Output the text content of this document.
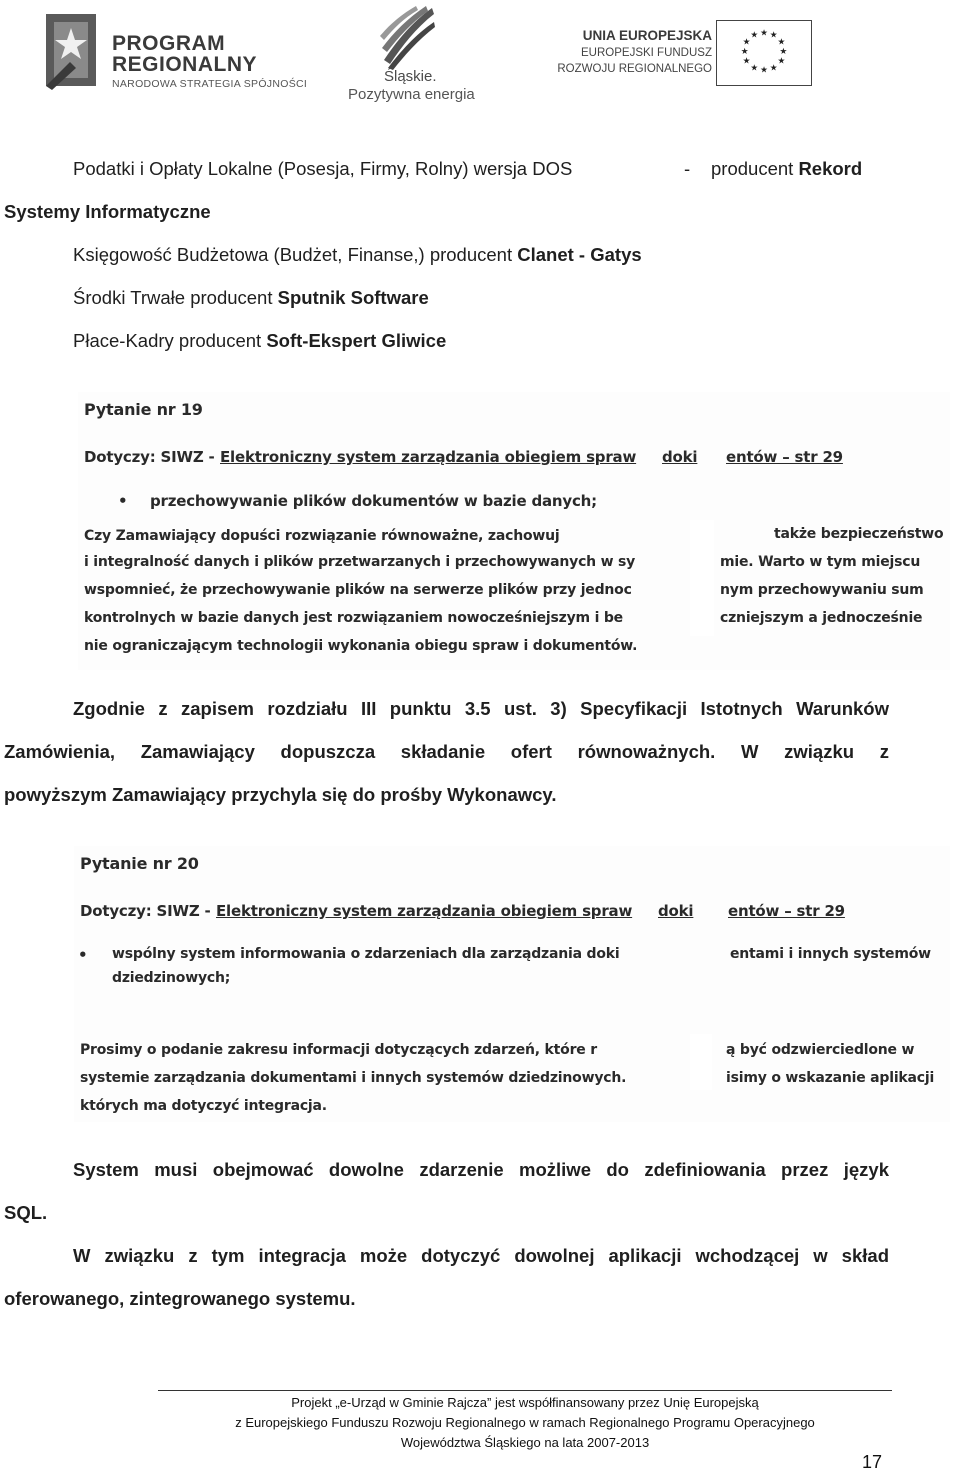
PROGRAM
REGIONALNY
NARODOWA STRATEGIA SPÓJNOŚCI	Śląskie.
Pozytywna energia
UNIA EUROPEJSKA
EUROPEJSKI FUNDUSZ
ROZWOJU REGIONALNEGO
★ ★
★
★
★
★
★
★
★
★
★
★
Podatki i Opłaty Lokalne (Posesja, Firmy, Rolny) wersja DOS	- producent Rekord
Systemy Informatyczne
Księgowość Budżetowa (Budżet, Finanse,) producent Clanet - Gatys
Środki Trwałe producent Sputnik Software
Płace-Kadry producent Soft-Ekspert Gliwice
Pytanie nr 19
Dotyczy: SIWZ - Elektroniczny system zarządzania obiegiem spraw doki entów – str 29
• przechowywanie plików dokumentów w bazie danych;
Czy Zamawiający dopuści rozwiązanie równoważne, zachowuj
i integralność danych i plików przetwarzanych i przechowywanych w sy
wspomnieć, że przechowywanie plików na serwerze plików przy jednoc
kontrolnych w bazie danych jest rozwiązaniem nowocześniejszym i be
nie ograniczającym technologii wykonania obiegu spraw i dokumentów.
także bezpieczeństwo
mie. Warto w tym miejscu
nym przechowywaniu sum
czniejszym a jednocześnie
Zgodnie z zapisem rozdziału III punktu 3.5 ust. 3) Specyfikacji Istotnych Warunków
Zamówienia, Zamawiający dopuszcza składanie ofert równoważnych. W związku z
powyższym Zamawiający przychyla się do prośby Wykonawcy.
Pytanie nr 20
Dotyczy: SIWZ - Elektroniczny system zarządzania obiegiem spraw doki entów – str 29
• wspólny system informowania o zdarzeniach dla zarządzania doki	entami i innych systemów
dziedzinowych;
Prosimy o podanie zakresu informacji dotyczących zdarzeń, które r
systemie zarządzania dokumentami i innych systemów dziedzinowych.
których ma dotyczyć integracja.
ą być odzwierciedlone w
isimy o wskazanie aplikacji
System musi obejmować dowolne zdarzenie możliwe do zdefiniowania przez język
SQL.
W związku z tym integracja może dotyczyć dowolnej aplikacji wchodzącej w skład
oferowanego, zintegrowanego systemu.
Projekt „e-Urząd w Gminie Rajcza” jest współfinansowany przez Unię Europejską
z Europejskiego Funduszu Rozwoju Regionalnego w ramach Regionalnego Programu Operacyjnego
Województwa Śląskiego na lata 2007-2013
17
